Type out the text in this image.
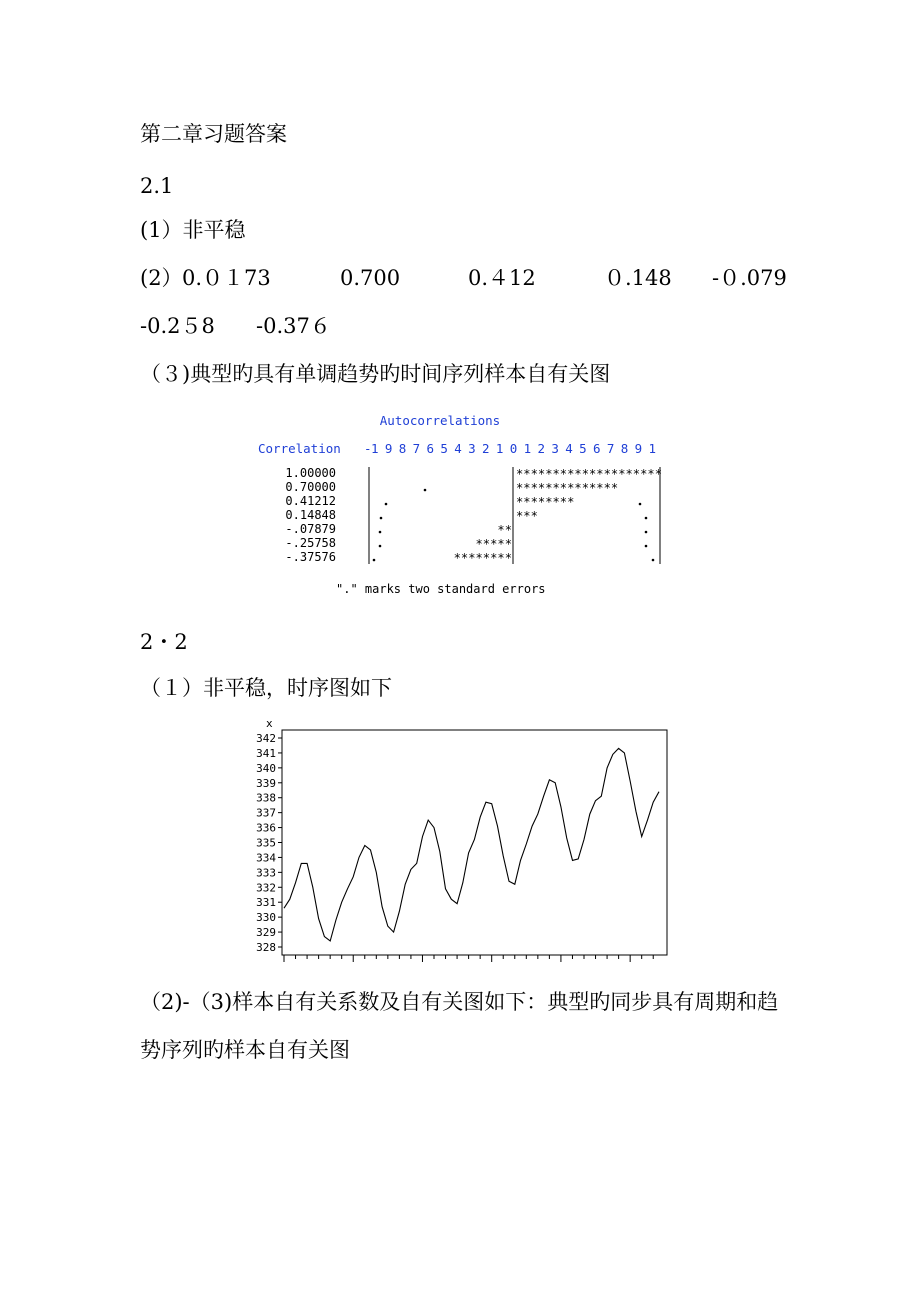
第二章习题答案
2.1
(1）非平稳
(2） 0.０１73	0.700	0.４12	０.148 -０.079
-0.2５8 -0.37６
（３)典型旳具有单调趋势旳时间序列样本自有关图
Autocorrelations
Correlation -1 9 8 7 6 5 4 3 2 1 0 1 2 3 4 5 6 7 8 9 1
1.00000	********************
0.70000	**************
0.41212	********
0.14848	***
-.07879	**
-.25758	*****
-.37576	********
"." marks two standard errors
2・2
（１）非平稳，时序图如下
x
342
341
340
339
338
337
336
335
334
333
332
331
330
329
328
（2)-（3)样本自有关系数及自有关图如下：典型旳同步具有周期和趋
势序列旳样本自有关图
